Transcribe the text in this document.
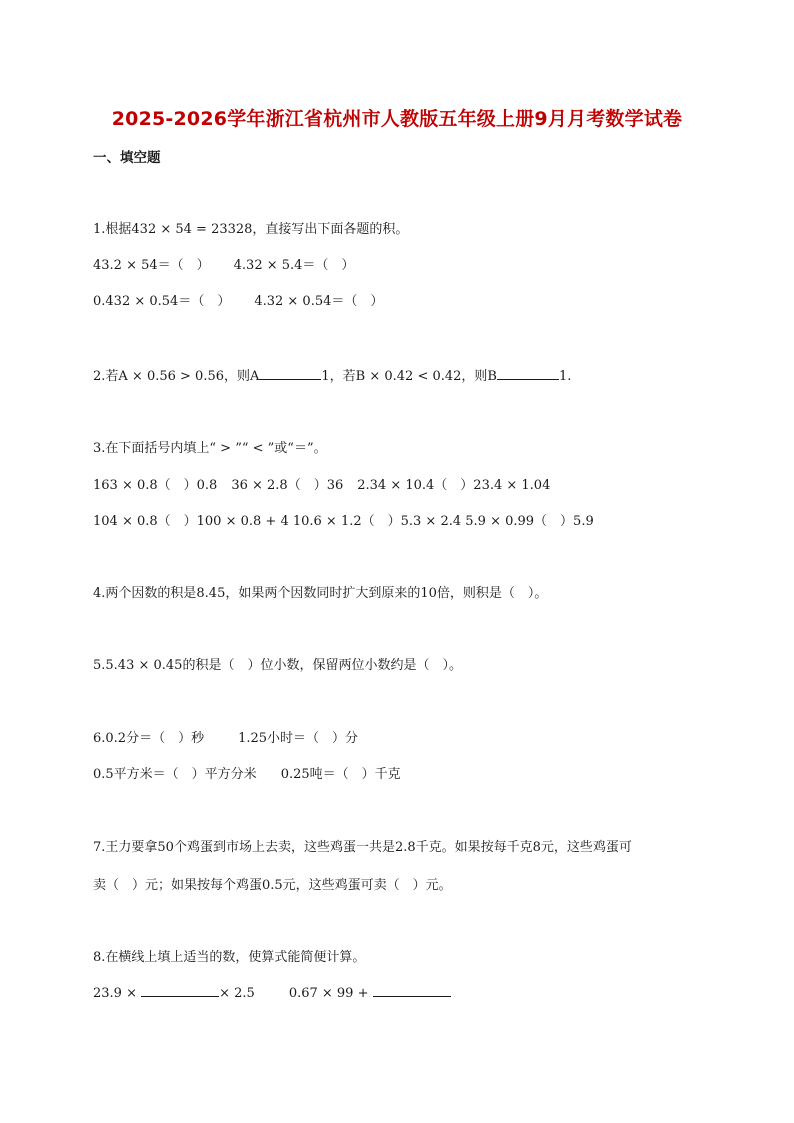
2025-2026学年浙江省杭州市人教版五年级上册9月月考数学试卷
一、填空题
1.根据432 × 54 = 23328，直接写出下面各题的积。
43.2 × 54＝（　） 4.32 × 5.4＝（　）
0.432 × 0.54＝（　） 4.32 × 0.54＝（　）
2.若A × 0.56 > 0.56，则A	1，若B × 0.42 < 0.42，则B	1.
3.在下面括号内填上“ > ”“ < ”或“＝”。
163 × 0.8（　）0.8 36 × 2.8（　）36 2.34 × 10.4（　）23.4 × 1.04
104 × 0.8（　）100 × 0.8 + 4 10.6 × 1.2（　）5.3 × 2.4 5.9 × 0.99（　）5.9
4.两个因数的积是8.45，如果两个因数同时扩大到原来的10倍，则积是（　）。
5.5.43 × 0.45的积是（　）位小数，保留两位小数约是（　）。
6.0.2分＝（　）秒	1.25小时＝（　）分
0.5平方米＝（　）平方分米 0.25吨＝（　）千克
7.王力要拿50个鸡蛋到市场上去卖，这些鸡蛋一共是2.8千克。如果按每千克8元，这些鸡蛋可
卖（　）元；如果按每个鸡蛋0.5元，这些鸡蛋可卖（　）元。
8.在横线上填上适当的数，使算式能简便计算。
23.9 ×	× 2.5	0.67 × 99 +
